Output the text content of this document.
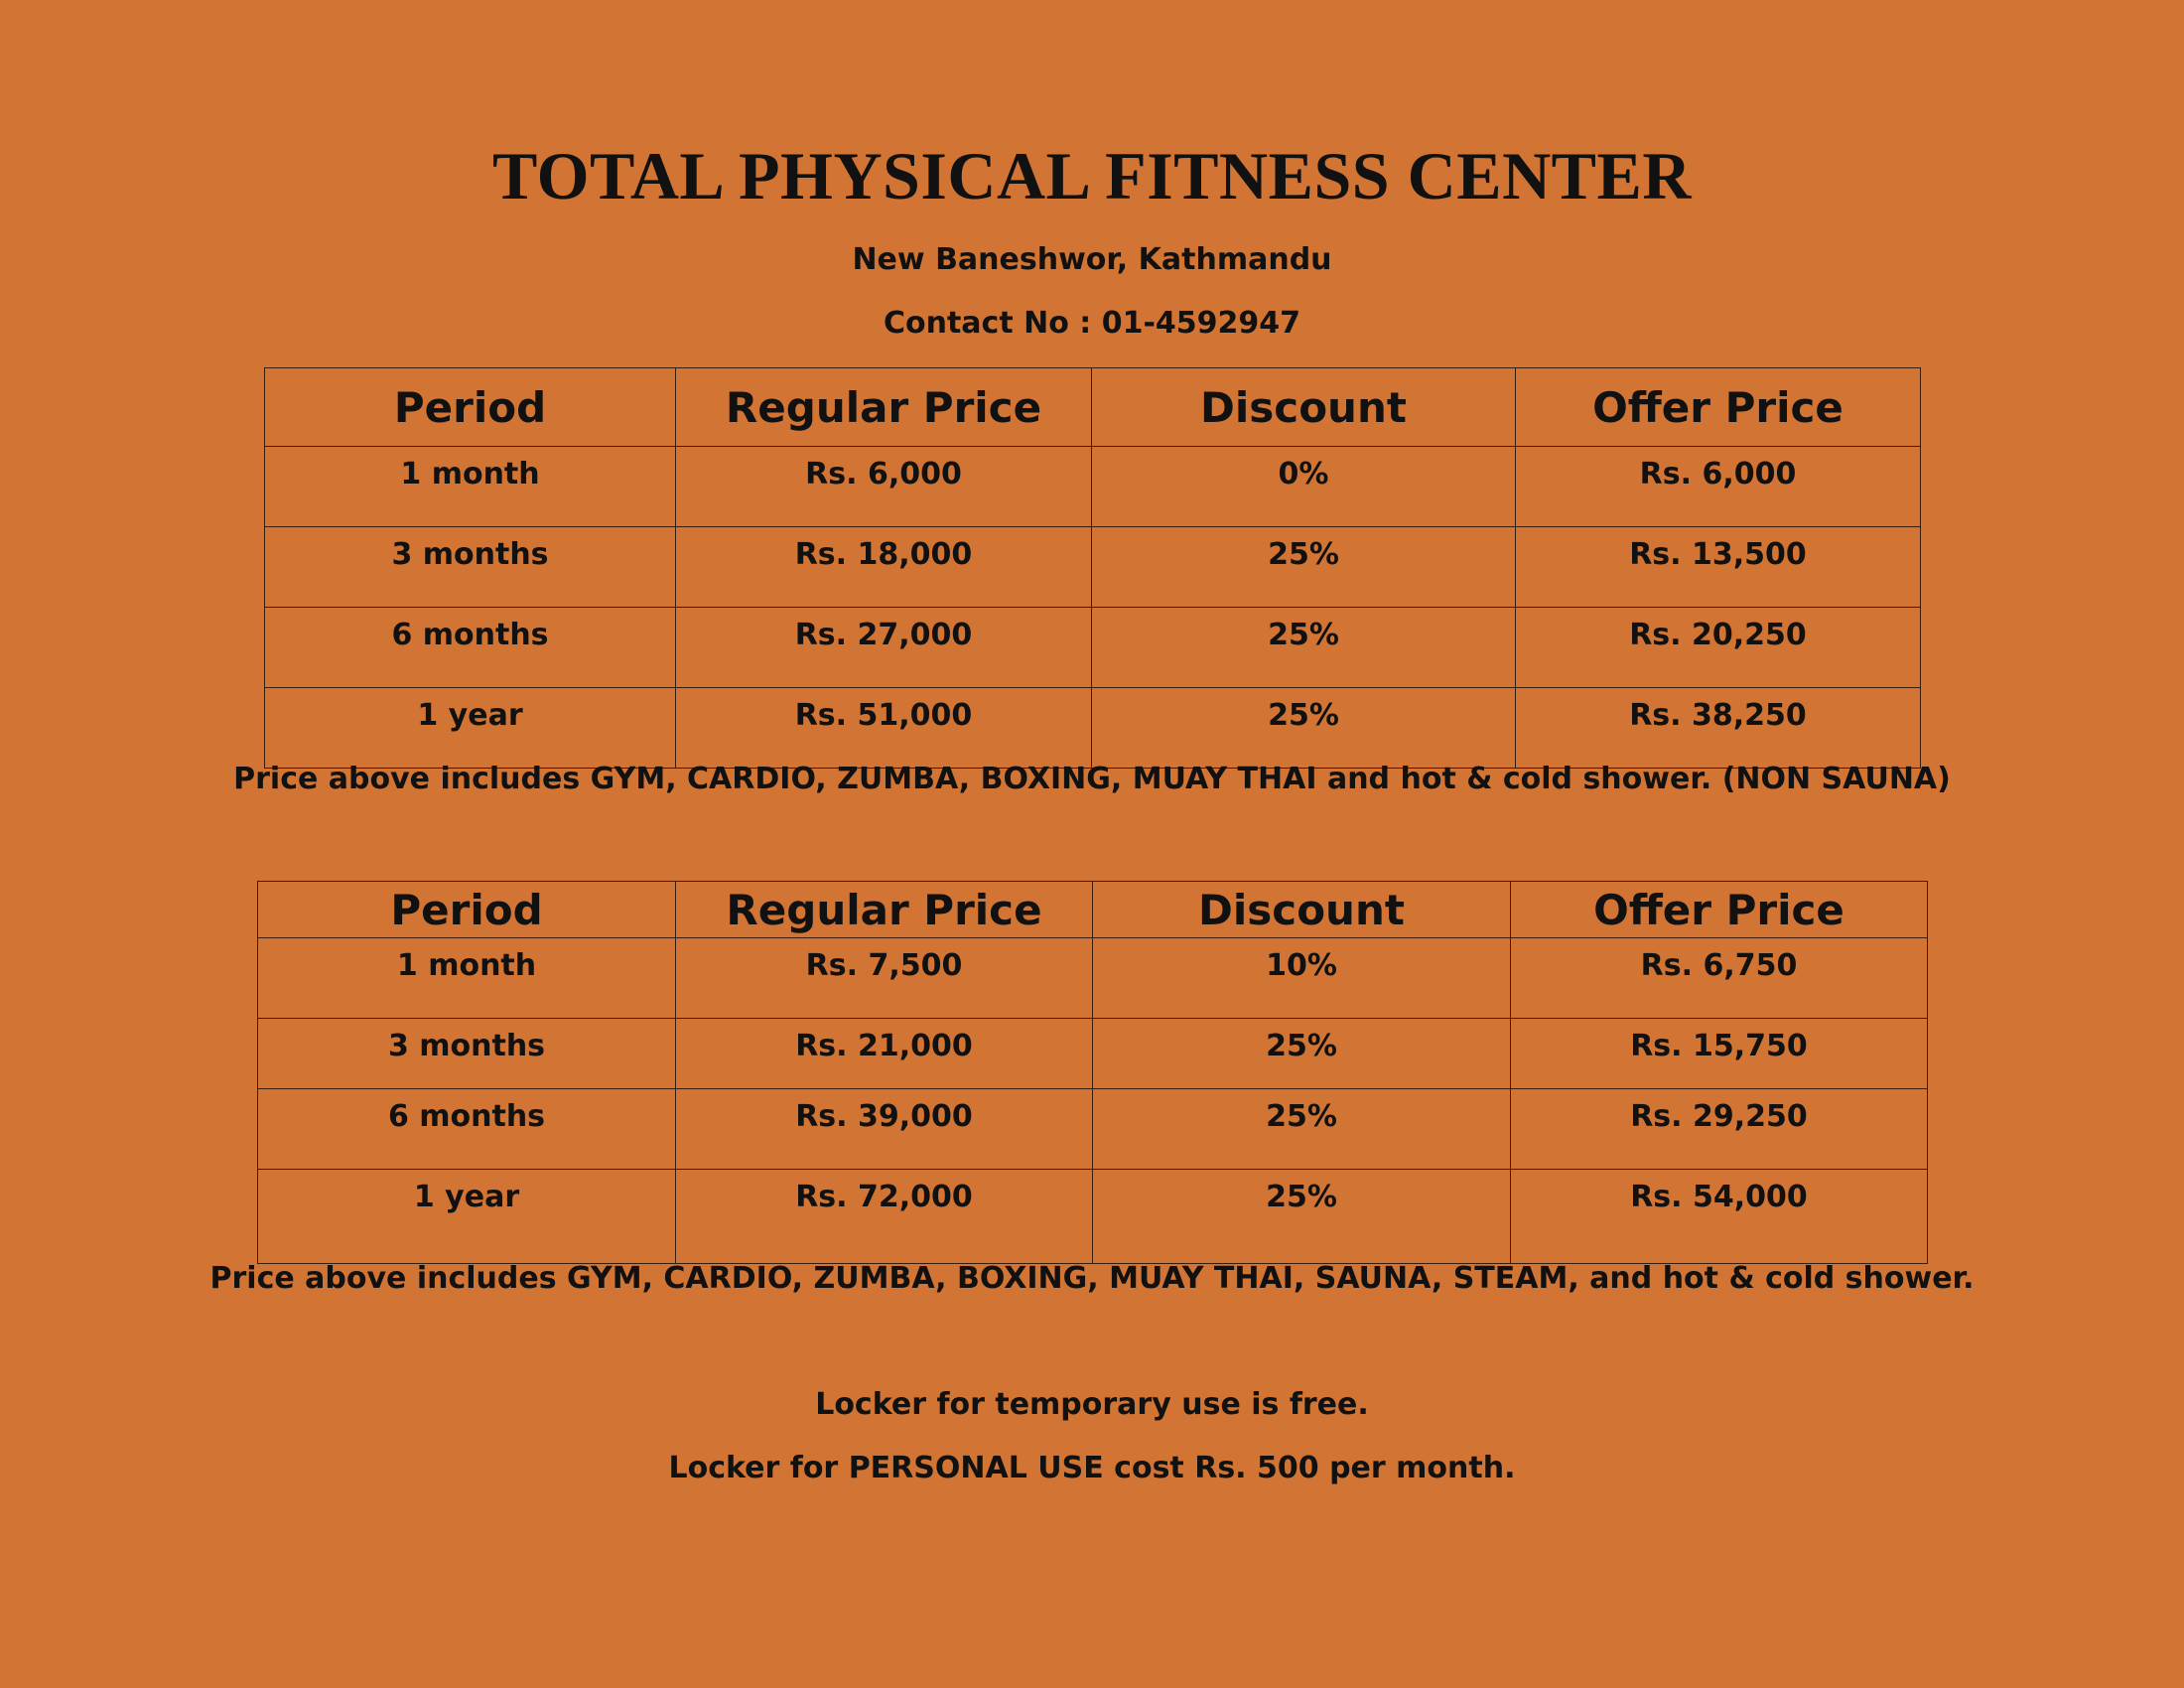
TOTAL PHYSICAL FITNESS CENTER
New Baneshwor, Kathmandu
Contact No : 01-4592947
Period	Regular Price	Discount	Offer Price
1 month	Rs. 6,000	0%	Rs. 6,000
3 months	Rs. 18,000	25%	Rs. 13,500
6 months	Rs. 27,000	25%	Rs. 20,250
1 year	Rs. 51,000	25%	Rs. 38,250
Price above includes GYM, CARDIO, ZUMBA, BOXING, MUAY THAI and hot & cold shower. (NON SAUNA)
Period	Regular Price	Discount	Offer Price
1 month	Rs. 7,500	10%	Rs. 6,750
3 months	Rs. 21,000	25%	Rs. 15,750
6 months	Rs. 39,000	25%	Rs. 29,250
1 year	Rs. 72,000	25%	Rs. 54,000
Price above includes GYM, CARDIO, ZUMBA, BOXING, MUAY THAI, SAUNA, STEAM, and hot & cold shower.
Locker for temporary use is free.
Locker for PERSONAL USE cost Rs. 500 per month.
